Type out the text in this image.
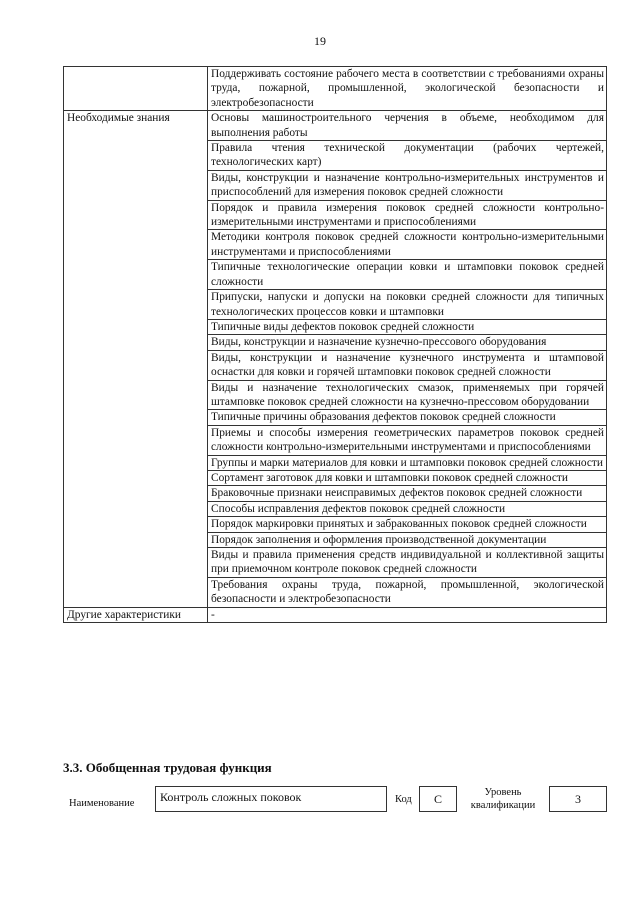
19
	Поддерживать состояние рабочего места в соответствии с требованиями охраны труда, пожарной, промышленной, экологической безопасности и электробезопасности
Необходимые знания	Основы машиностроительного черчения в объеме, необходимом для выполнения работы
	Правила чтения технической документации (рабочих чертежей, технологических карт)
	Виды, конструкции и назначение контрольно-измерительных инструментов и приспособлений для измерения поковок средней сложности
	Порядок и правила измерения поковок средней сложности контрольно-измерительными инструментами и приспособлениями
	Методики контроля поковок средней сложности контрольно-измерительными инструментами и приспособлениями
	Типичные технологические операции ковки и штамповки поковок средней сложности
	Припуски, напуски и допуски на поковки средней сложности для типичных технологических процессов ковки и штамповки
	Типичные виды дефектов поковок средней сложности
	Виды, конструкции и назначение кузнечно-прессового оборудования
	Виды, конструкции и назначение кузнечного инструмента и штамповой оснастки для ковки и горячей штамповки поковок средней сложности
	Виды и назначение технологических смазок, применяемых при горячей штамповке поковок средней сложности на кузнечно-прессовом оборудовании
	Типичные причины образования дефектов поковок средней сложности
	Приемы и способы измерения геометрических параметров поковок средней сложности контрольно-измерительными инструментами и приспособлениями
	Группы и марки материалов для ковки и штамповки поковок средней сложности
	Сортамент заготовок для ковки и штамповки поковок средней сложности
	Браковочные признаки неисправимых дефектов поковок средней сложности
	Способы исправления дефектов поковок средней сложности
	Порядок маркировки принятых и забракованных поковок средней сложности
	Порядок заполнения и оформления производственной документации
	Виды и правила применения средств индивидуальной и коллективной защиты при приемочном контроле поковок средней сложности
	Требования охраны труда, пожарной, промышленной, экологической безопасности и электробезопасности
Другие характеристики	-
3.3. Обобщенная трудовая функция
Наименование	Контроль сложных поковок	Код	C	Уровень
квалификации	3
